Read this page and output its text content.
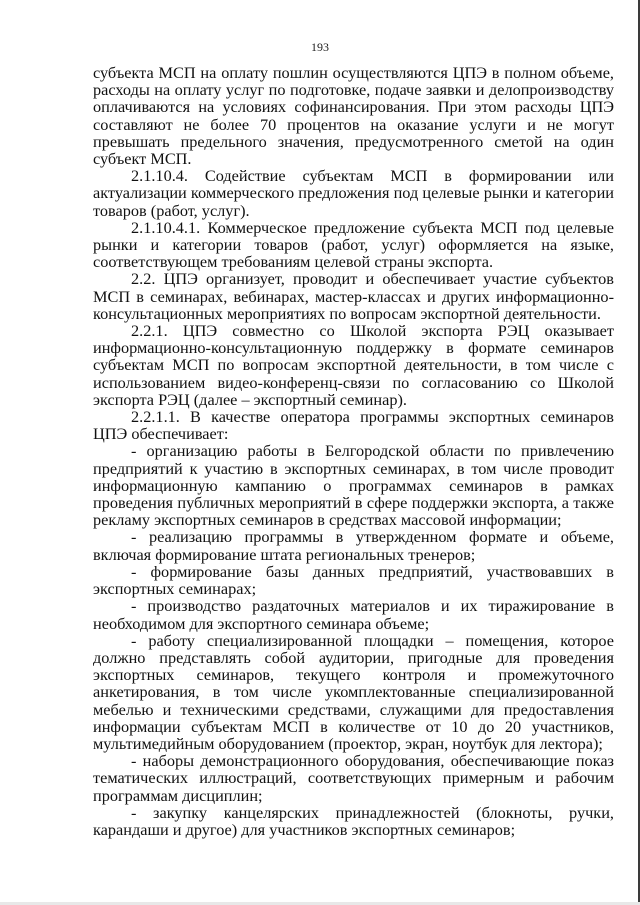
193

субъекта МСП на оплату пошлин осуществляются ЦПЭ в полном объеме, расходы на оплату услуг по подготовке, подаче заявки и делопроизводству оплачиваются на условиях софинансирования. При этом расходы ЦПЭ составляют не более 70 процентов на оказание услуги и не могут превышать предельного значения, предусмотренного сметой на один субъект МСП.

2.1.10.4. Содействие субъектам МСП в формировании или актуализации коммерческого предложения под целевые рынки и категории товаров (работ, услуг).

2.1.10.4.1. Коммерческое предложение субъекта МСП под целевые рынки и категории товаров (работ, услуг) оформляется на языке, соответствующем требованиям целевой страны экспорта.

2.2. ЦПЭ организует, проводит и обеспечивает участие субъектов МСП в семинарах, вебинарах, мастер-классах и других информационно-консультационных мероприятиях по вопросам экспортной деятельности.

2.2.1. ЦПЭ совместно со Школой экспорта РЭЦ оказывает информационно-консультационную поддержку в формате семинаров субъектам МСП по вопросам экспортной деятельности, в том числе с использованием видео-конференц-связи по согласованию со Школой экспорта РЭЦ (далее – экспортный семинар).

2.2.1.1. В качестве оператора программы экспортных семинаров ЦПЭ обеспечивает:

- организацию работы в Белгородской области по привлечению предприятий к участию в экспортных семинарах, в том числе проводит информационную кампанию о программах семинаров в рамках проведения публичных мероприятий в сфере поддержки экспорта, а также рекламу экспортных семинаров в средствах массовой информации;

- реализацию программы в утвержденном формате и объеме, включая формирование штата региональных тренеров;

- формирование базы данных предприятий, участвовавших в экспортных семинарах;

- производство раздаточных материалов и их тиражирование в необходимом для экспортного семинара объеме;

- работу специализированной площадки – помещения, которое должно представлять собой аудитории, пригодные для проведения экспортных семинаров, текущего контроля и промежуточного анкетирования, в том числе укомплектованные специализированной мебелью и техническими средствами, служащими для предоставления информации субъектам МСП в количестве от 10 до 20 участников, мультимедийным оборудованием (проектор, экран, ноутбук для лектора);

- наборы демонстрационного оборудования, обеспечивающие показ тематических иллюстраций, соответствующих примерным и рабочим программам дисциплин;

- закупку канцелярских принадлежностей (блокноты, ручки, карандаши и другое) для участников экспортных семинаров;
